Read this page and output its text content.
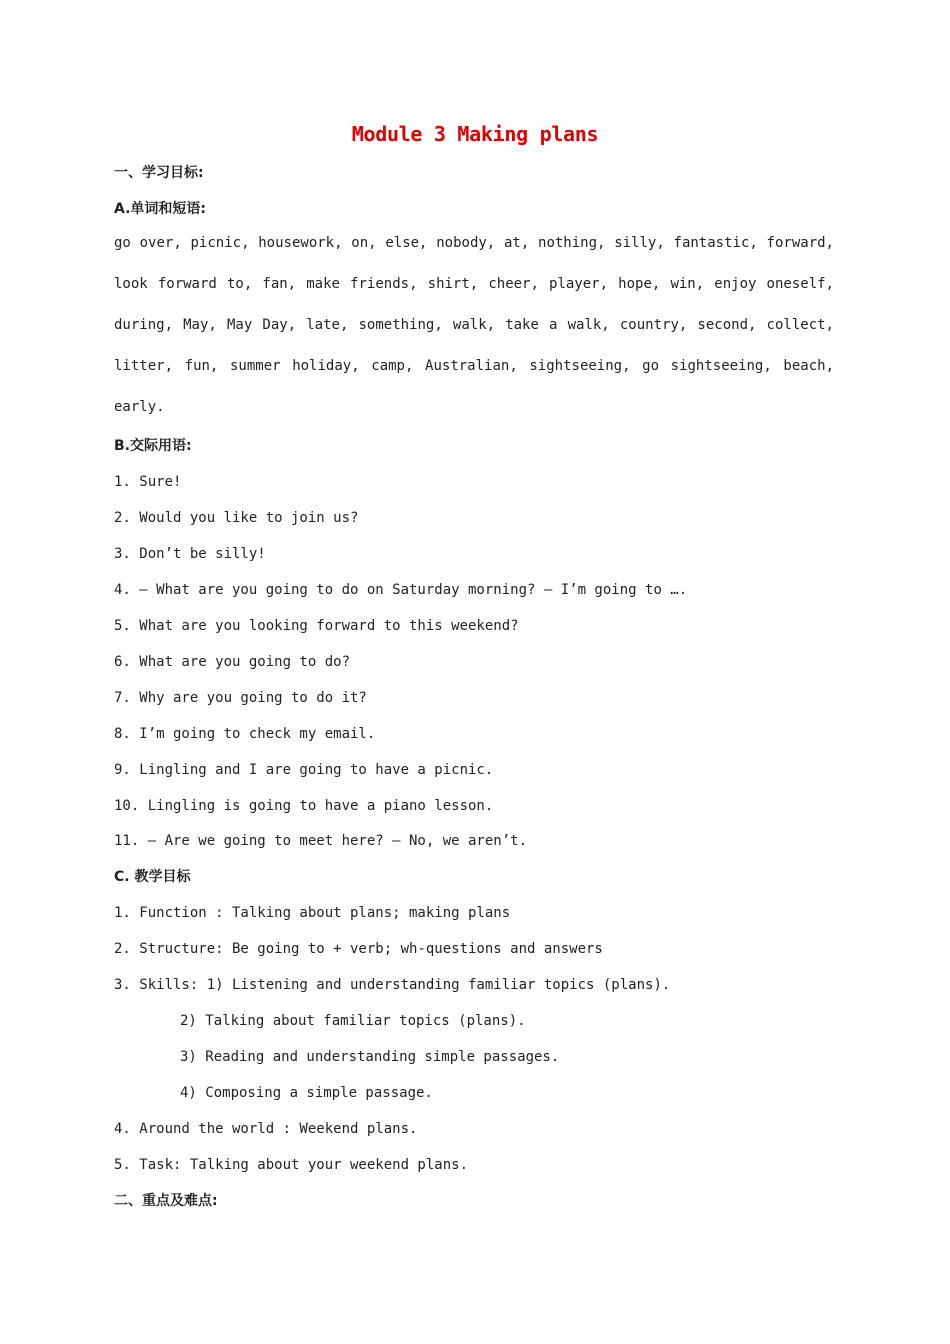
Module 3 Making plans
一、学习目标:
A.单词和短语:
go over, picnic, housework, on, else, nobody, at, nothing, silly, fantastic, forward,
look forward to, fan, make friends, shirt, cheer, player, hope, win, enjoy oneself,
during, May, May Day, late, something, walk, take a walk, country, second, collect,
litter, fun, summer holiday, camp, Australian, sightseeing, go sightseeing, beach,
early.
B.交际用语:
1. Sure!
2. Would you like to join us?
3. Don’t be silly!
4. — What are you going to do on Saturday morning? — I’m going to ….
5. What are you looking forward to this weekend?
6. What are you going to do?
7. Why are you going to do it?
8. I’m going to check my email.
9. Lingling and I are going to have a picnic.
10. Lingling is going to have a piano lesson.
11. — Are we going to meet here? — No, we aren’t.
C. 教学目标
1. Function : Talking about plans; making plans
2. Structure: Be going to + verb; wh-questions and answers
3. Skills: 1) Listening and understanding familiar topics (plans).
2) Talking about familiar topics (plans).
3) Reading and understanding simple passages.
4) Composing a simple passage.
4. Around the world : Weekend plans.
5. Task: Talking about your weekend plans.
二、重点及难点:
